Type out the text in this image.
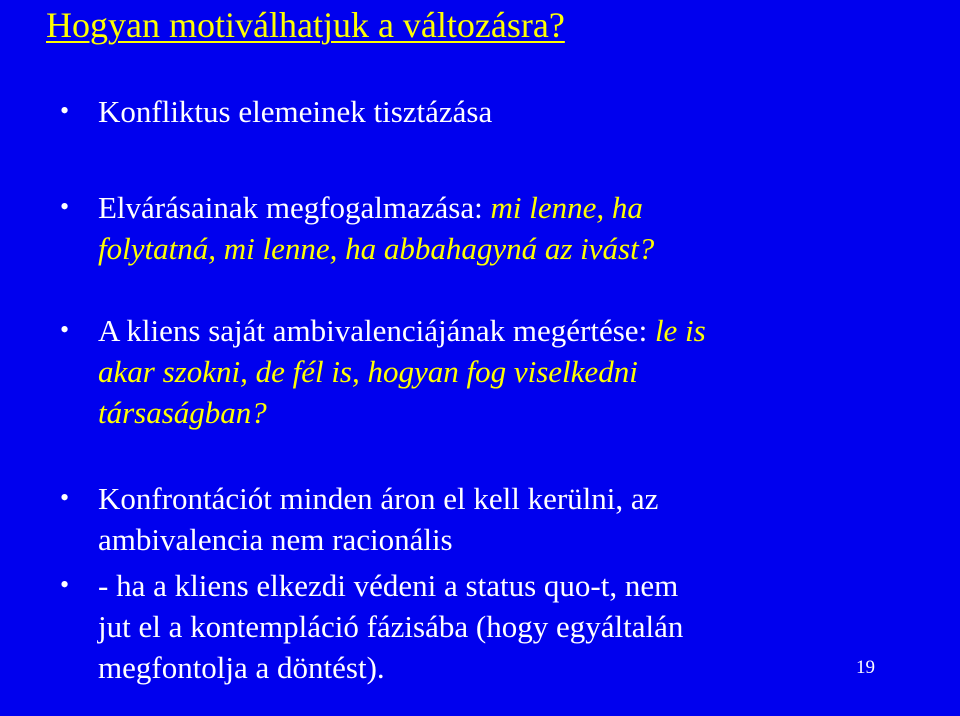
Hogyan motiválhatjuk a változásra?
• Konfliktus elemeinek tisztázása
• Elvárásainak megfogalmazása: mi lenne, ha
folytatná, mi lenne, ha abbahagyná az ivást?
• A kliens saját ambivalenciájának megértése: le is
akar szokni, de fél is, hogyan fog viselkedni
társaságban?
• Konfrontációt minden áron el kell kerülni, az
ambivalencia nem racionális
• - ha a kliens elkezdi védeni a status quo-t, nem
jut el a kontempláció fázisába (hogy egyáltalán
megfontolja a döntést).	19
